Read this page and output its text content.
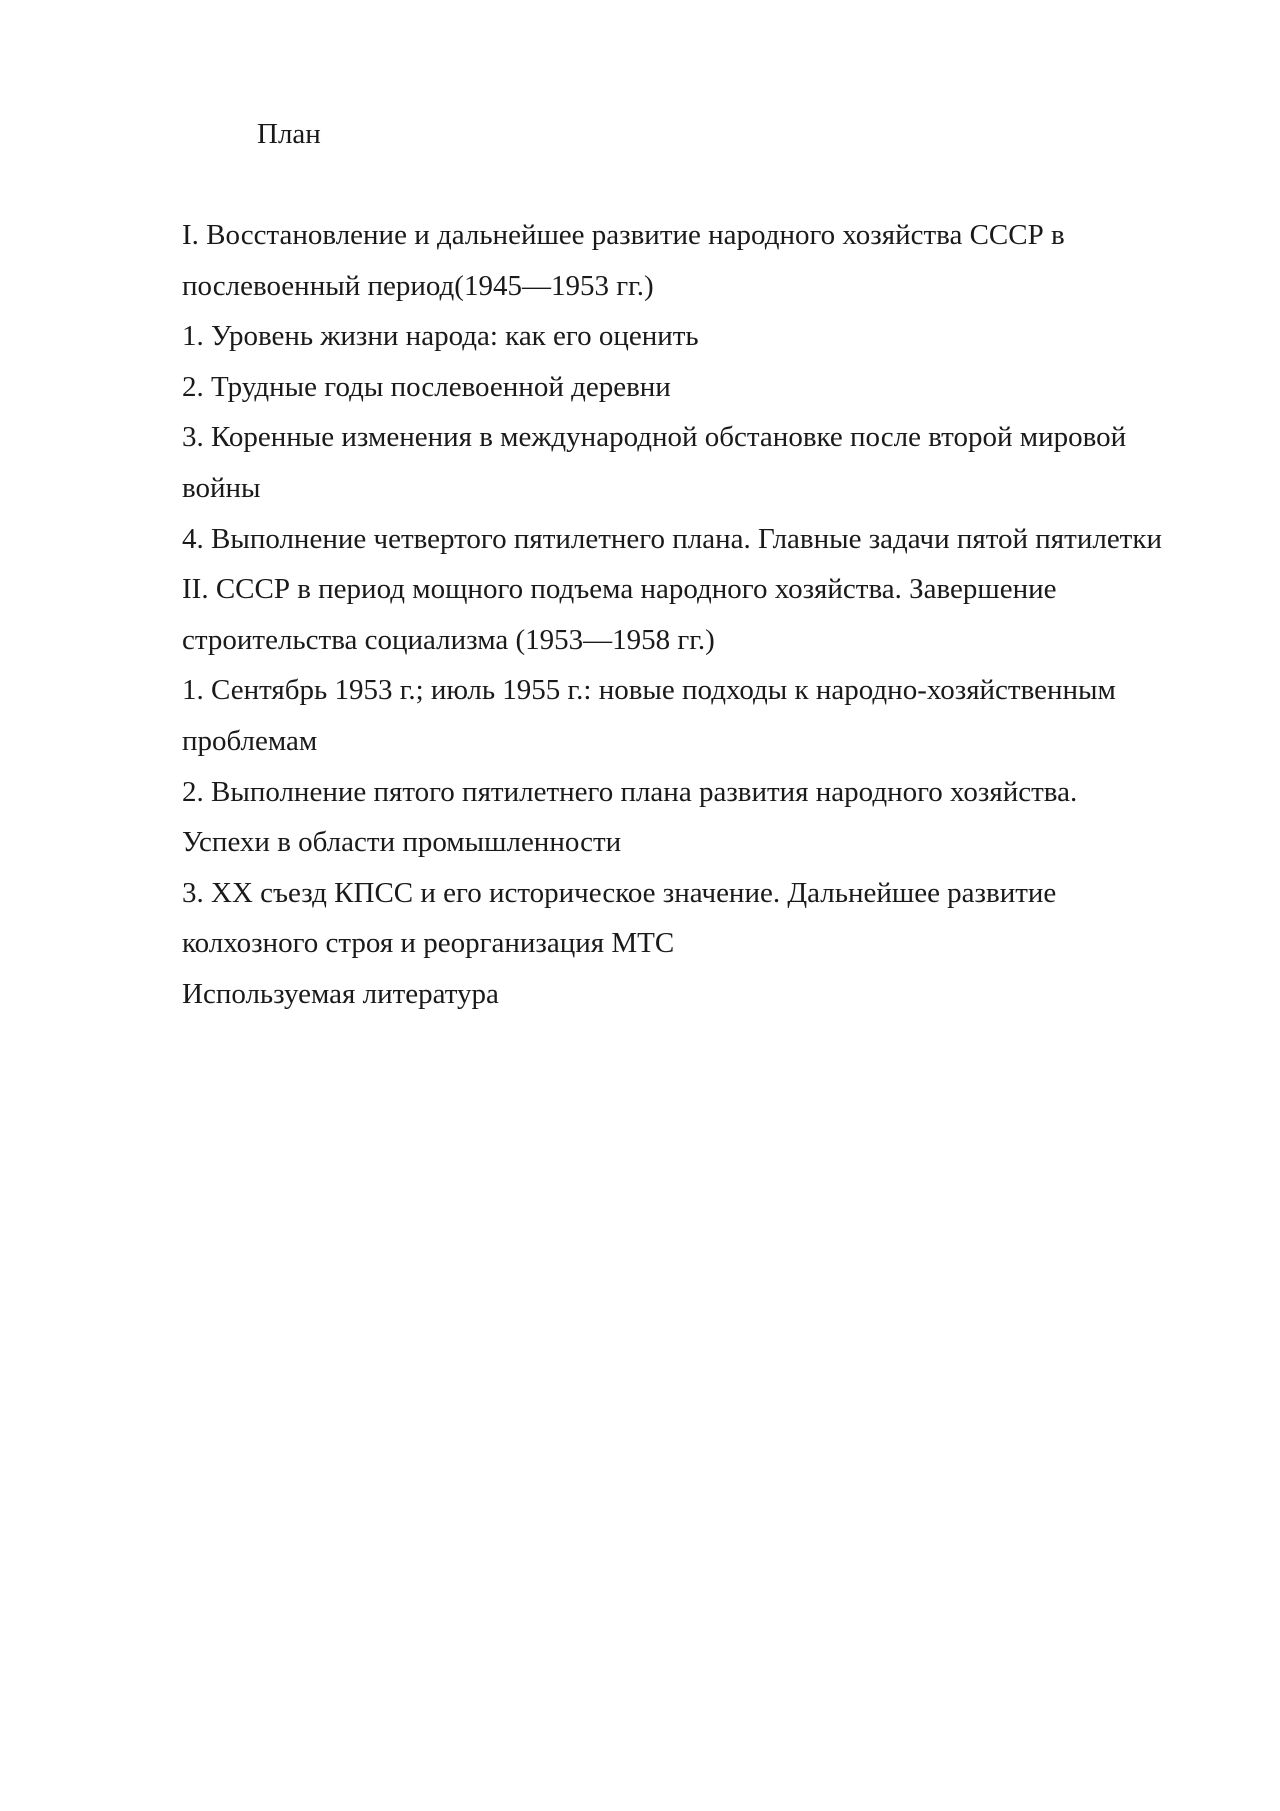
План
I. Восстановление и дальнейшее развитие народного хозяйства СССР в послевоенный период(1945—1953 гг.)
1. Уровень жизни народа: как его оценить
2. Трудные годы послевоенной деревни
3. Коренные изменения в международной обстановке после второй мировой войны
4. Выполнение четвертого пятилетнего плана. Главные задачи пятой пятилетки
II. СССР в период мощного подъема народного хозяйства. Завершение строительства социализма (1953—1958 гг.)
1. Сентябрь 1953 г.; июль 1955 г.: новые подходы к народно-хозяйственным проблемам
2. Выполнение пятого пятилетнего плана развития народного хозяйства. Успехи в области промышленности
3. XX съезд КПСС и его историческое значение. Дальнейшее развитие колхозного строя и реорганизация МТС
Используемая литература
